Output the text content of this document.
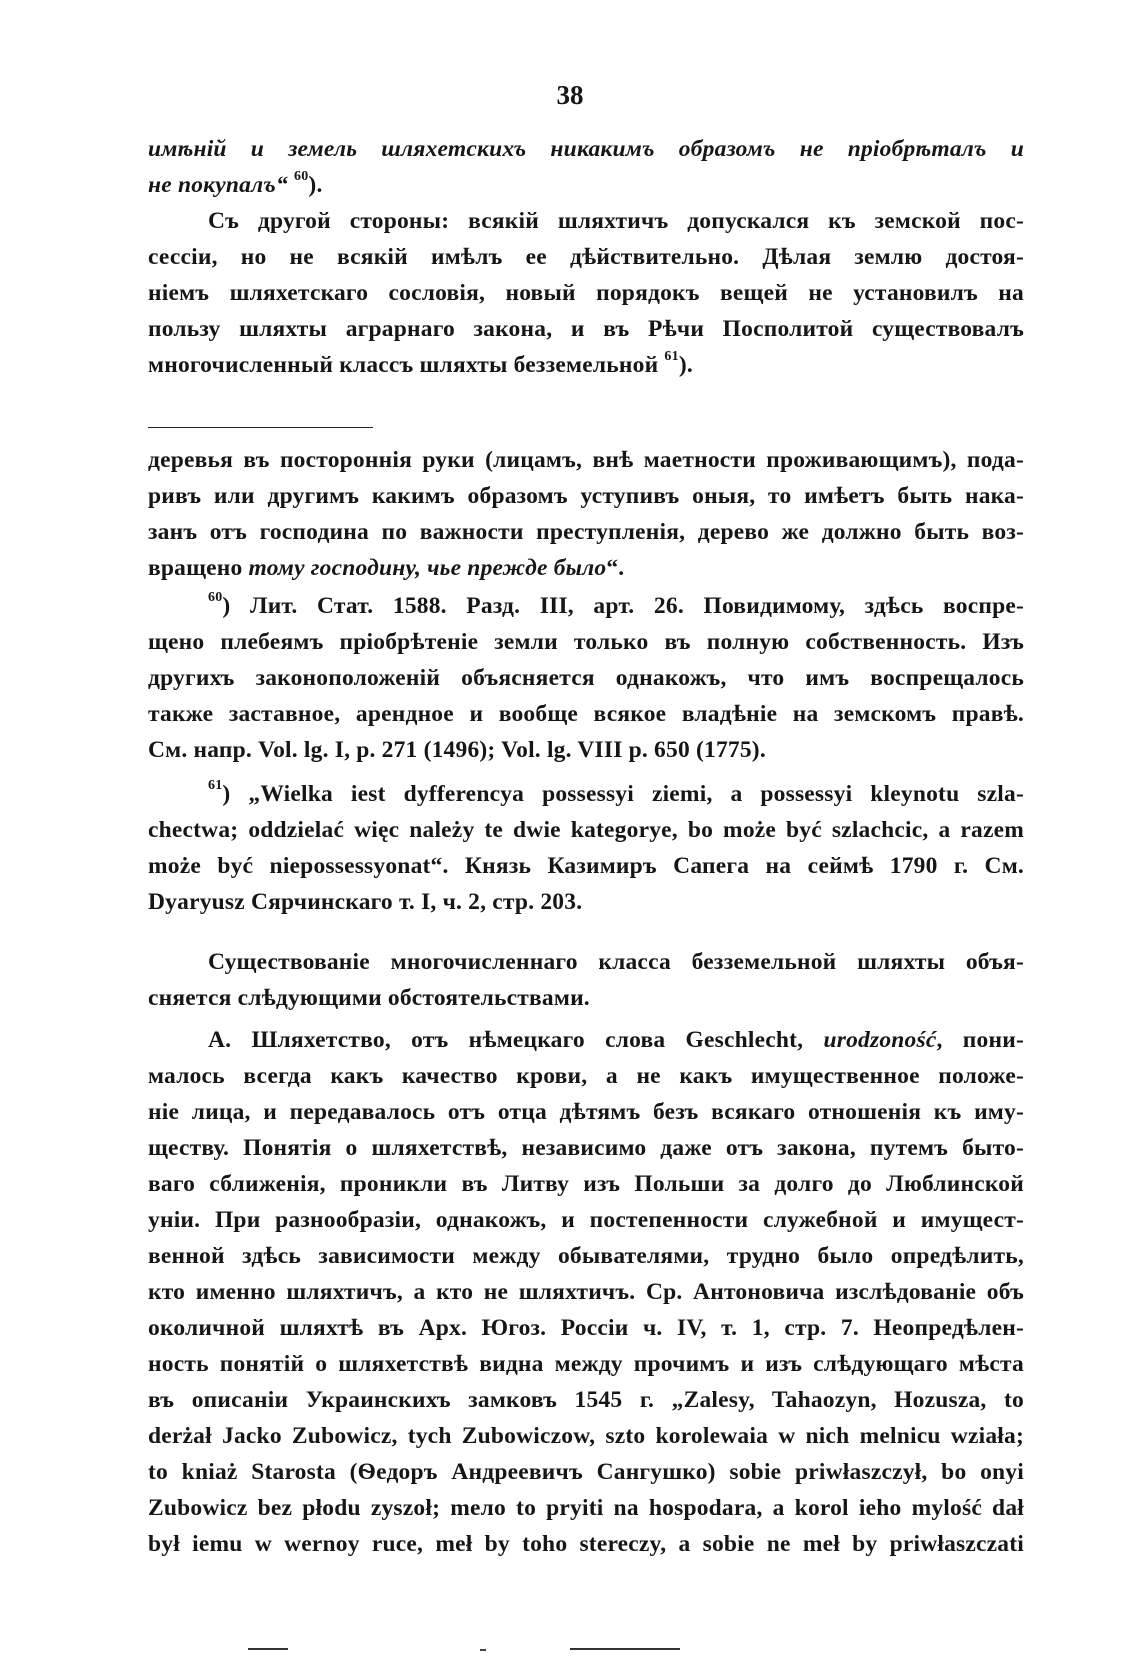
38
имѣній и земель шляхетскихъ никакимъ образомъ не пріобрѣталъ и
не покупалъ“ $^{60}$).
Съ другой стороны: всякій шляхтичъ допускался къ земской пос-
сессіи, но не всякій имѣлъ ее дѣйствительно. Дѣлая землю достоя-
ніемъ шляхетскаго сословія, новый порядокъ вещей не установилъ на
пользу шляхты аграрнаго закона, и въ Рѣчи Посполитой существовалъ
многочисленный классъ шляхты безземельной $^{61}$).
деревья въ постороннія руки (лицамъ, внѣ маетности проживающимъ), пода-
ривъ или другимъ какимъ образомъ уступивъ оныя, то имѣетъ быть нака-
занъ отъ господина по важности преступленія, дерево же должно быть воз-
вращено тому господину, чье прежде было“.
$^{60}$) Лит. Стат. 1588. Разд. III, арт. 26. Повидимому, здѣсь воспре-
щено плебеямъ пріобрѣтеніе земли только въ полную собственность. Изъ
другихъ законоположеній объясняется однакожъ, что имъ воспрещалось
также заставное, арендное и вообще всякое владѣніе на земскомъ правѣ.
См. напр. Vol. lg. I, p. 271 (1496); Vol. lg. VIII p. 650 (1775).
$^{61}$) „Wielka iest dyfferencya possessyi ziemi, a possessyi kleynotu szla-
chectwa; oddzielać więc należy te dwie kategorye, bo może być szlachcic, a razem
może być niepossessyonat“. Князь Казимиръ Сапега на сеймѣ 1790 г. См.
Dyaryusz Сярчинскаго т. I, ч. 2, стр. 203.
Существованіе многочисленнаго класса безземельной шляхты объя-
сняется слѣдующими обстоятельствами.
А. Шляхетство, отъ нѣмецкаго слова Geschlecht, urodzoność, пони-
малось всегда какъ качество крови, а не какъ имущественное положе-
ніе лица, и передавалось отъ отца дѣтямъ безъ всякаго отношенія къ иму-
ществу. Понятія о шляхетствѣ, независимо даже отъ закона, путемъ быто-
ваго сближенія, проникли въ Литву изъ Польши за долго до Люблинской
уніи. При разнообразіи, однакожъ, и постепенности служебной и имущест-
венной здѣсь зависимости между обывателями, трудно было опредѣлить,
кто именно шляхтичъ, а кто не шляхтичъ. Ср. Антоновича изслѣдованіе объ
околичной шляхтѣ въ Арх. Югоз. Россіи ч. IV, т. 1, стр. 7. Неопредѣлен-
ность понятій о шляхетствѣ видна между прочимъ и изъ слѣдующаго мѣста
въ описаніи Украинскихъ замковъ 1545 г. „Zalesy, Tahaozyn, Hozusza, to
derżał Jacko Zubowicz, tych Zubowiczow, szto korolewaia w nich melnicu wziała;
to kniaż Starosta (Ѳедоръ Андреевичъ Сангушко) sobie priwłaszczył, bo onyi
Zubowicz bez płodu zyszoł; mело to pryiti na hospodara, a korol ieho mylość dał
był iemu w wernoy ruce, meł by toho stereczy, a sobie ne meł by priwłaszczati
